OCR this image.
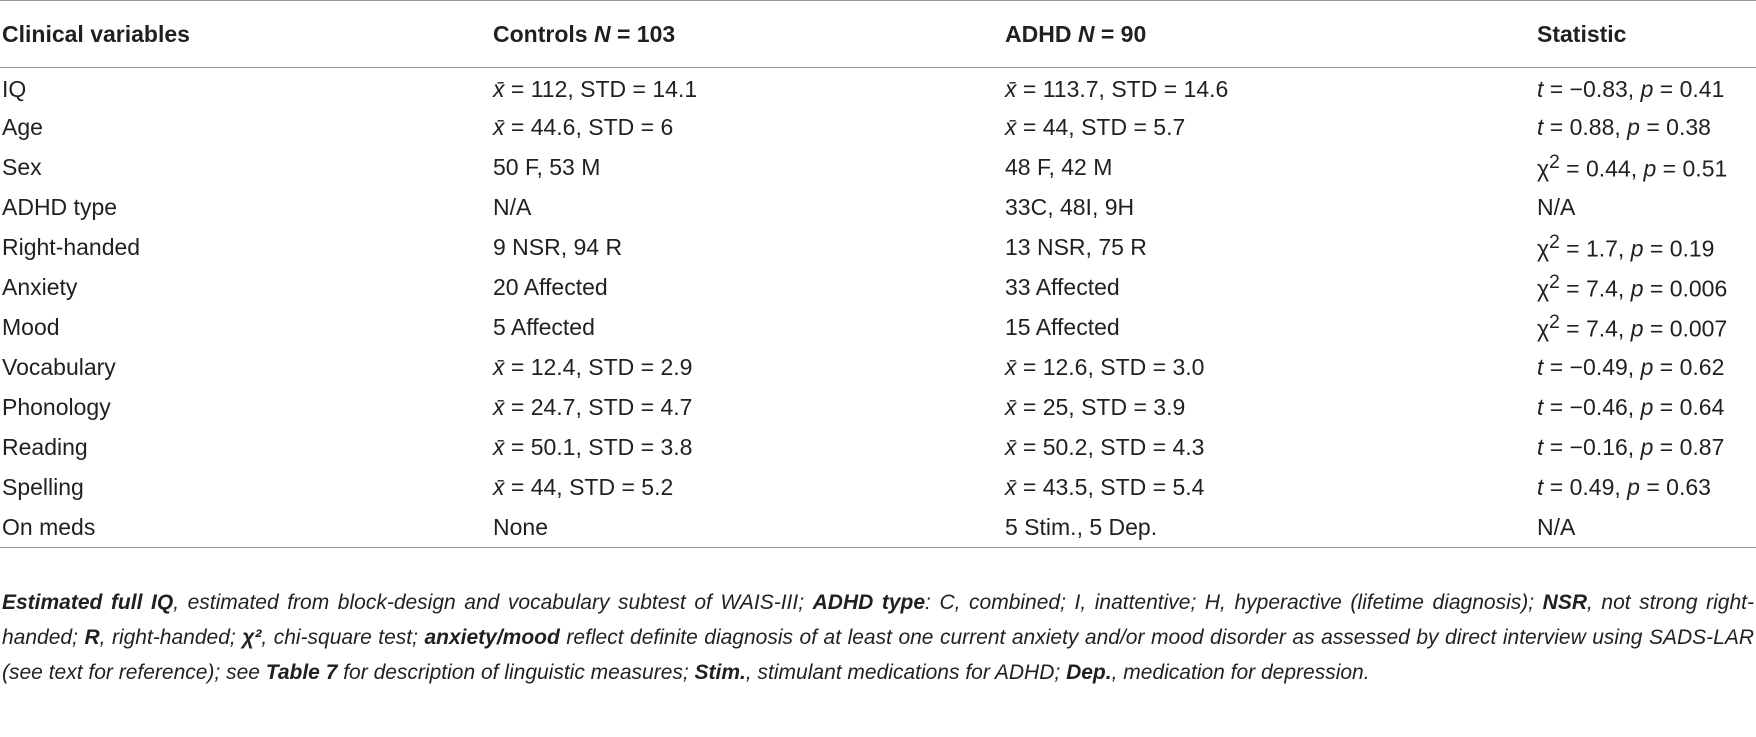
Clinical variables	Controls N = 103	ADHD N = 90	Statistic
IQ	x̄ = 112, STD = 14.1	x̄ = 113.7, STD = 14.6	t = −0.83, p = 0.41
Age	x̄ = 44.6, STD = 6	x̄ = 44, STD = 5.7	t = 0.88, p = 0.38
Sex	50 F, 53 M	48 F, 42 M	$\chi^2 = 0.44$, p = 0.51
ADHD type	N/A	33C, 48I, 9H	N/A
Right-handed	9 NSR, 94 R	13 NSR, 75 R	$\chi^2 = 1.7$, p = 0.19
Anxiety	20 Affected	33 Affected	$\chi^2 = 7.4$, p = 0.006
Mood	5 Affected	15 Affected	$\chi^2 = 7.4$, p = 0.007
Vocabulary	x̄ = 12.4, STD = 2.9	x̄ = 12.6, STD = 3.0	t = −0.49, p = 0.62
Phonology	x̄ = 24.7, STD = 4.7	x̄ = 25, STD = 3.9	t = −0.46, p = 0.64
Reading	x̄ = 50.1, STD = 3.8	x̄ = 50.2, STD = 4.3	t = −0.16, p = 0.87
Spelling	x̄ = 44, STD = 5.2	x̄ = 43.5, STD = 5.4	t = 0.49, p = 0.63
On meds	None	5 Stim., 5 Dep.	N/A
Estimated full IQ, estimated from block-design and vocabulary subtest of WAIS-III; ADHD type: C, combined; I, inattentive; H, hyperactive (lifetime diagnosis); NSR, not strong right-handed; R, right-handed; χ², chi-square test; anxiety/mood reflect definite diagnosis of at least one current anxiety and/or mood disorder as assessed by direct interview using SADS-LAR (see text for reference); see Table 7 for description of linguistic measures; Stim., stimulant medications for ADHD; Dep., medication for depression.
